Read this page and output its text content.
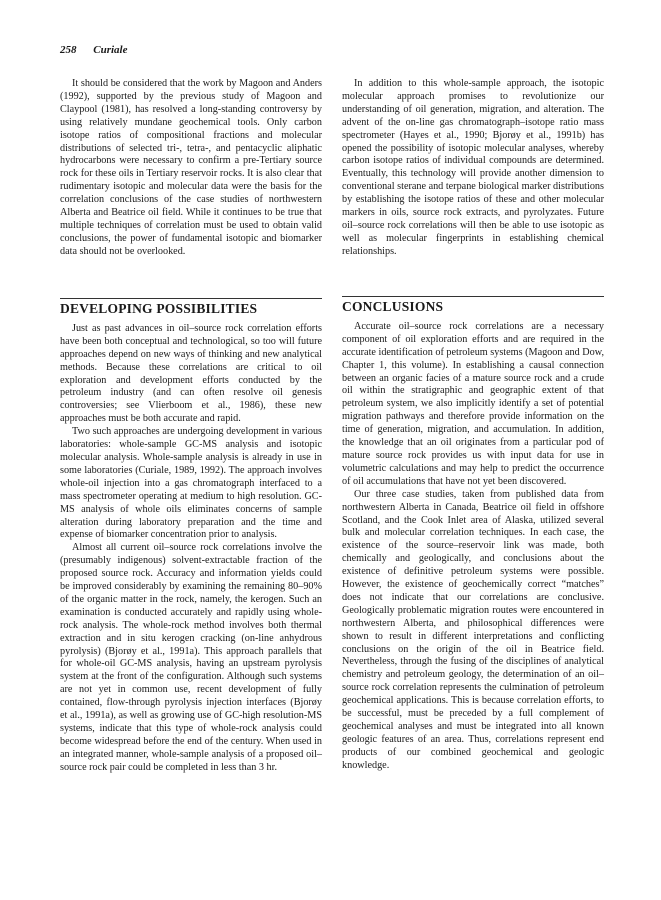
258 Curiale

It should be considered that the work by Magoon and Anders (1992), supported by the previous study of Magoon and Claypool (1981), has resolved a long-standing controversy by using relatively mundane geochemical tools. Only carbon isotope ratios of compositional fractions and molecular distributions of selected tri-, tetra-, and pentacyclic aliphatic hydrocarbons were necessary to confirm a pre-Tertiary source rock for these oils in Tertiary reservoir rocks. It is also clear that rudimentary isotopic and molecular data were the basis for the correlation conclusions of the case studies of northwestern Alberta and Beatrice oil field. While it continues to be true that multiple techniques of correlation must be used to obtain valid conclusions, the power of fundamental isotopic and biomarker data should not be overlooked.

DEVELOPING POSSIBILITIES

Just as past advances in oil–source rock correlation efforts have been both conceptual and technological, so too will future approaches depend on new ways of thinking and new analytical methods. Because these correlations are critical to oil exploration and development efforts conducted by the petroleum industry (and can often resolve oil genesis controversies; see Vlierboom et al., 1986), these new approaches must be both accurate and rapid.

Two such approaches are undergoing development in various laboratories: whole-sample GC-MS analysis and isotopic molecular analysis. Whole-sample analysis is already in use in some laboratories (Curiale, 1989, 1992). The approach involves whole-oil injection into a gas chromatograph interfaced to a mass spectrometer operating at medium to high resolution. GC-MS analysis of whole oils eliminates concerns of sample alteration during laboratory preparation and the time and expense of biomarker concentration prior to analysis.

Almost all current oil–source rock correlations involve the (presumably indigenous) solvent-extractable fraction of the proposed source rock. Accuracy and information yields could be improved considerably by examining the remaining 80–90% of the organic matter in the rock, namely, the kerogen. Such an examination is conducted accurately and rapidly using whole-rock analysis. The whole-rock method involves both thermal extraction and in situ kerogen cracking (on-line anhydrous pyrolysis) (Bjorøy et al., 1991a). This approach parallels that for whole-oil GC-MS analysis, having an upstream pyrolysis system at the front of the configuration. Although such systems are not yet in common use, recent development of fully contained, flow-through pyrolysis injection interfaces (Bjorøy et al., 1991a), as well as growing use of GC-high resolution-MS systems, indicate that this type of whole-rock analysis could become widespread before the end of the century. When used in an integrated manner, whole-sample analysis of a proposed oil–source rock pair could be completed in less than 3 hr.

In addition to this whole-sample approach, the isotopic molecular approach promises to revolutionize our understanding of oil generation, migration, and alteration. The advent of the on-line gas chromatograph–isotope ratio mass spectrometer (Hayes et al., 1990; Bjorøy et al., 1991b) has opened the possibility of isotopic molecular analyses, whereby carbon isotope ratios of individual compounds are determined. Eventually, this technology will provide another dimension to conventional sterane and terpane biological marker distributions by establishing the isotope ratios of these and other molecular markers in oils, source rock extracts, and pyrolyzates. Future oil–source rock correlations will then be able to use isotopic as well as molecular fingerprints in establishing chemical relationships.

CONCLUSIONS

Accurate oil–source rock correlations are a necessary component of oil exploration efforts and are required in the accurate identification of petroleum systems (Magoon and Dow, Chapter 1, this volume). In establishing a causal connection between an organic facies of a mature source rock and a crude oil within the stratigraphic and geographic extent of that petroleum system, we also implicitly identify a set of potential migration pathways and therefore provide information on the time of generation, migration, and accumulation. In addition, the knowledge that an oil originates from a particular pod of mature source rock provides us with input data for use in volumetric calculations and may help to predict the occurrence of oil accumulations that have not yet been discovered.

Our three case studies, taken from published data from northwestern Alberta in Canada, Beatrice oil field in offshore Scotland, and the Cook Inlet area of Alaska, utilized several bulk and molecular correlation techniques. In each case, the existence of the source–reservoir link was made, both chemically and geologically, and conclusions about the existence of definitive petroleum systems were possible. However, the existence of geochemically correct “matches” does not indicate that our correlations are conclusive. Geologically problematic migration routes were encountered in northwestern Alberta, and philosophical differences were shown to result in different interpretations and conflicting conclusions on the origin of the oil in Beatrice field. Nevertheless, through the fusing of the disciplines of analytical chemistry and petroleum geology, the determination of an oil–source rock correlation represents the culmination of petroleum geochemical applications. This is because correlation efforts, to be successful, must be preceded by a full complement of geochemical analyses and must be integrated into all known geologic features of an area. Thus, correlations represent end products of our combined geochemical and geologic knowledge.
